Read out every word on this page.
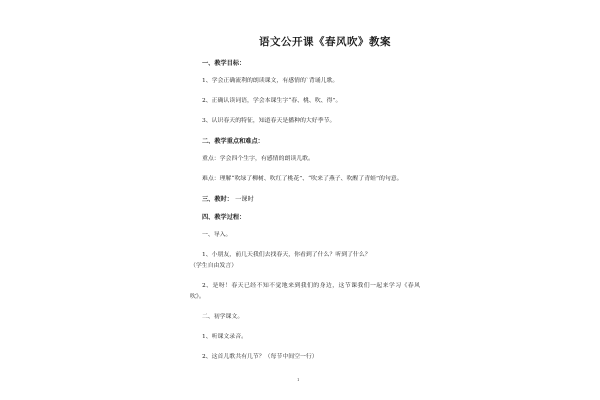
语文公开课《春风吹》教案
一、教学目标：
1、学会正确流利的朗读课文，有感情的`背诵儿歌。
2、正确认读词语，学会本课生字“春、桃、吹、得”。
3、认识春天的特征，知道春天是播种的大好季节。
二、教学重点和难点：
重点：学会四个生字，有感情的朗读儿歌。
难点：理解“吹绿了柳树、吹红了桃花”、“吹来了燕子、吹醒了青蛙”的句意。
三、教时： 一课时
四、教学过程：
一、导入。
1、小朋友，前几天我们去找春天，你看到了什么？听到了什么？
（学生自由发言）
2、是呀！春天已经不知不觉地来到我们的身边，这节课我们一起来学习《春风吹》。
二、初学课文。
1、听课文录音。
2、这首儿歌共有几节？（每节中间空一行）
1
